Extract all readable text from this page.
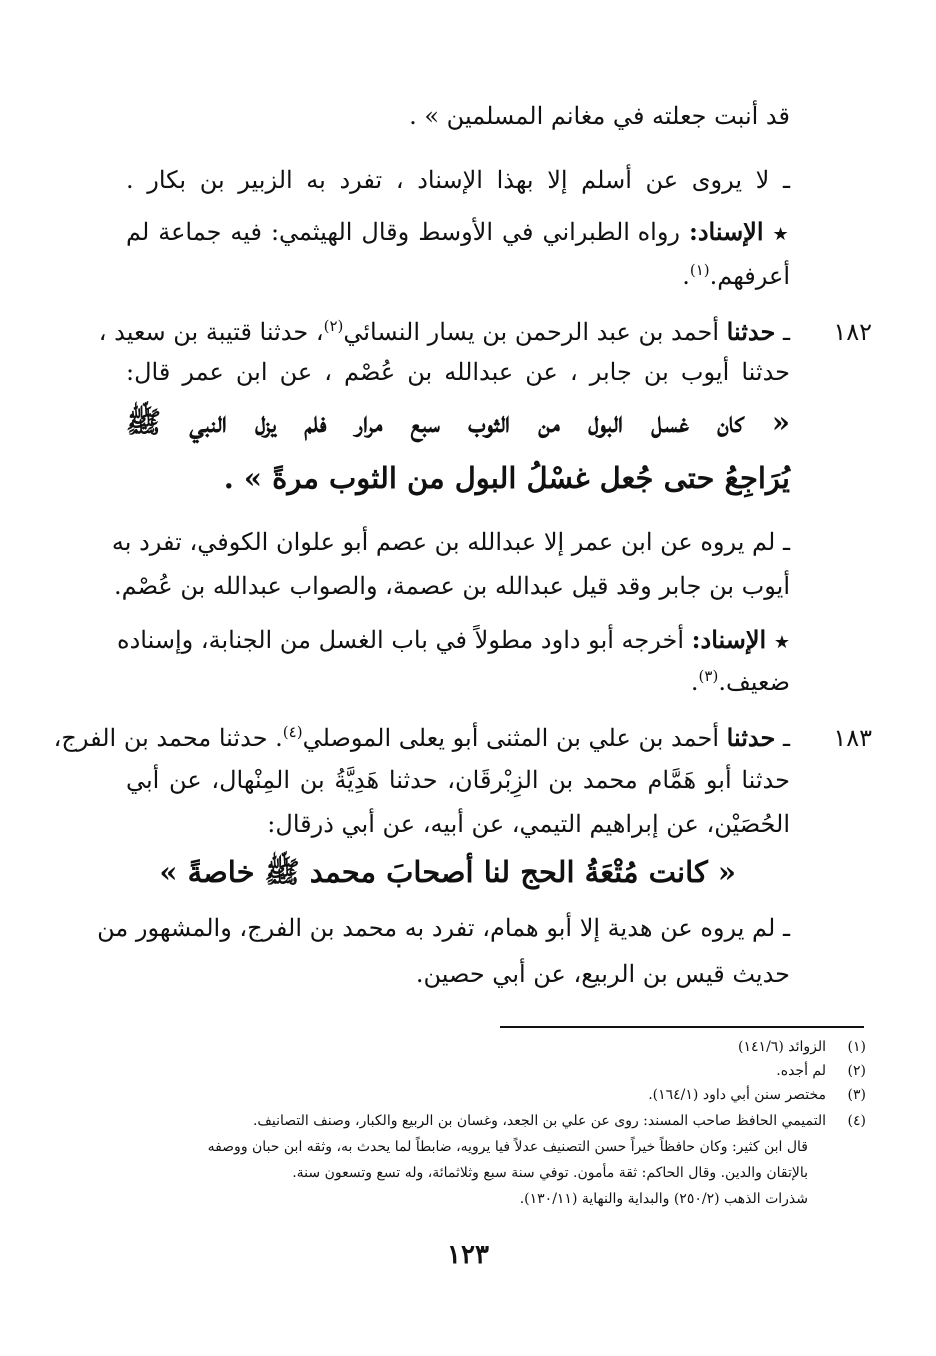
قد أنبت جعلته في مغانم المسلمين » .
ـ لا يروى عن أسلم إلا بهذا الإسناد ، تفرد به الزبير بن بكار .
★ الإسناد: رواه الطبراني في الأوسط وقال الهيثمي: فيه جماعة لم
أعرفهم.$^{(١)}$.
١٨٢
ـ حدثنا أحمد بن عبد الرحمن بن يسار النسائي$^{(٢)}$، حدثنا قتيبة بن سعيد ،
حدثنا أيوب بن جابر ، عن عبدالله بن عُصْم ، عن ابن عمر قال:
« كان غسل البول من الثوب سبع مرار فلم يزل النبي ﷺ
يُرَاجِعُ حتى جُعل غسْلُ البول من الثوب مرةً » .
ـ لم يروه عن ابن عمر إلا عبدالله بن عصم أبو علوان الكوفي، تفرد به
أيوب بن جابر وقد قيل عبدالله بن عصمة، والصواب عبدالله بن عُصْم.
★ الإسناد: أخرجه أبو داود مطولاً في باب الغسل من الجنابة، وإسناده
ضعيف.$^{(٣)}$.
١٨٣
ـ حدثنا أحمد بن علي بن المثنى أبو يعلى الموصلي$^{(٤)}$. حدثنا محمد بن الفرج،
حدثنا أبو هَمَّام محمد بن الزِبْرقَان، حدثنا هَدِيَّةُ بن المِنْهال، عن أبي
الحُصَيْن، عن إبراهيم التيمي، عن أبيه، عن أبي ذرقال:
« كانت مُتْعَةُ الحج لنا أصحابَ محمد ﷺ خاصةً »
ـ لم يروه عن هدية إلا أبو همام، تفرد به محمد بن الفرج، والمشهور من
حديث قيس بن الربيع، عن أبي حصين.
(١)الزوائد (١٤١/٦)
(٢)لم أجده.
(٣)مختصر سنن أبي داود (١٦٤/١).
(٤)التميمي الحافظ صاحب المسند: روى عن علي بن الجعد، وغسان بن الربيع والكبار، وصنف التصانيف.
قال ابن كثير: وكان حافظاً خيراً حسن التصنيف عدلاً فيا يرويه، ضابطاً لما يحدث به، وثقه ابن حبان ووصفه
بالإتقان والدين. وقال الحاكم: ثقة مأمون. توفي سنة سبع وثلاثمائة، وله تسع وتسعون سنة.
شذرات الذهب (٢٥٠/٢) والبداية والنهاية (١٣٠/١١).
١٢٣
